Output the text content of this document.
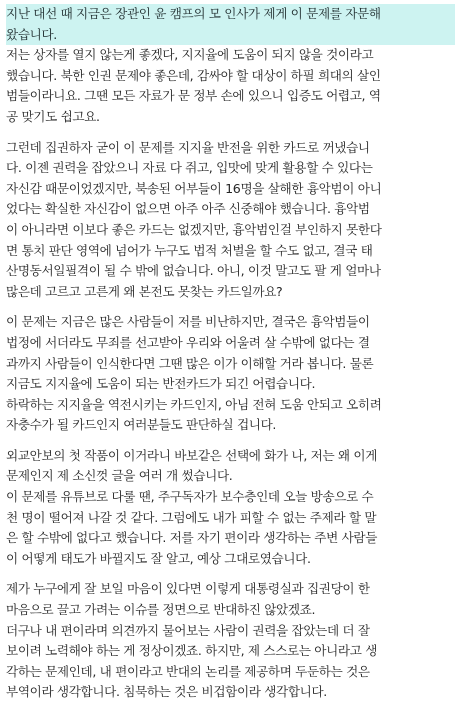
지난 대선 때 지금은 장관인 윤 캠프의 모 인사가 제게 이 문제를 자문해
왔습니다.
저는 상자를 열지 않는게 좋겠다, 지지율에 도움이 되지 않을 것이라고
했습니다. 북한 인권 문제야 좋은데, 감싸야 할 대상이 하필 희대의 살인
범들이라니요. 그땐 모든 자료가 문 정부 손에 있으니 입증도 어렵고, 역
공 맞기도 쉽고요.
그런데 집권하자 굳이 이 문제를 지지율 반전을 위한 카드로 꺼냈습니
다. 이젠 권력을 잡았으니 자료 다 쥐고, 입맛에 맞게 활용할 수 있다는
자신감 때문이었겠지만, 북송된 어부들이 16명을 살해한 흉악범이 아니
었다는 확실한 자신감이 없으면 아주 아주 신중해야 했습니다. 흉악범
이 아니라면 이보다 좋은 카드는 없겠지만, 흉악범인걸 부인하지 못한다
면 통치 판단 영역에 넘어가 누구도 법적 처벌을 할 수도 없고, 결국 태
산명동서일필격이 될 수 밖에 없습니다. 아니, 이것 말고도 팔 게 얼마나
많은데 고르고 고른게 왜 본전도 못찾는 카드일까요?
이 문제는 지금은 많은 사람들이 저를 비난하지만, 결국은 흉악범들이
법정에 서더라도 무죄를 선고받아 우리와 어울려 살 수밖에 없다는 결
과까지 사람들이 인식한다면 그땐 많은 이가 이해할 거라 봅니다. 물론
지금도 지지율에 도움이 되는 반전카드가 되긴 어렵습니다.
하락하는 지지율을 역전시키는 카드인지, 아님 전혀 도움 안되고 오히려
자충수가 될 카드인지 여러분들도 판단하실 겁니다.
외교안보의 첫 작품이 이거라니 바보같은 선택에 화가 나, 저는 왜 이게
문제인지 제 소신껏 글을 여러 개 썼습니다.
이 문제를 유튜브로 다룰 땐, 주구독자가 보수층인데 오늘 방송으로 수
천 명이 떨어져 나갈 것 같다. 그럼에도 내가 피할 수 없는 주제라 할 말
은 할 수밖에 없다고 했습니다. 저를 자기 편이라 생각하는 주변 사람들
이 어떻게 태도가 바뀔지도 잘 알고, 예상 그대로였습니다.
제가 누구에게 잘 보일 마음이 있다면 이렇게 대통령실과 집권당이 한
마음으로 끌고 가려는 이슈를 정면으로 반대하진 않았겠죠.
더구나 내 편이라며 의견까지 물어보는 사람이 권력을 잡았는데 더 잘
보이려 노력해야 하는 게 정상이겠죠. 하지만, 제 스스로는 아니라고 생
각하는 문제인데, 내 편이라고 반대의 논리를 제공하며 두둔하는 것은
부역이라 생각합니다. 침묵하는 것은 비겁함이라 생각합니다.
